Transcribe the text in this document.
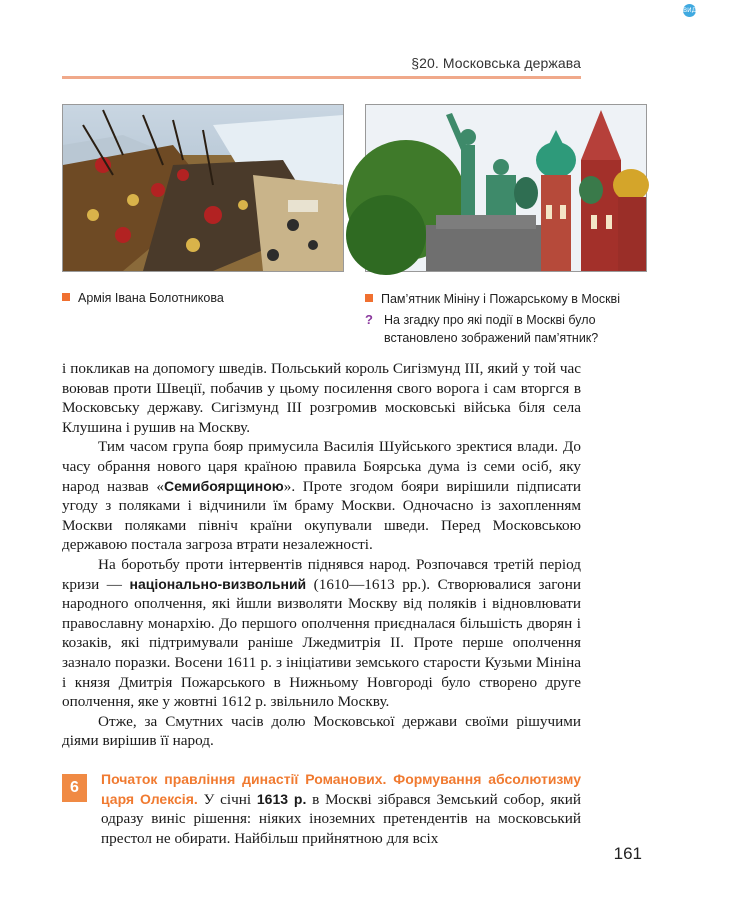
ВИДАВНИЦТВО
§20. Московська держава
Армія Івана Болотникова	Пам’ятник Мініну і Пожарському в Москві
? На згадку про які події в Москві було встановлено зображений пам’ятник?

і покликав на допомогу шведів. Польський король Сигізмунд III, який у той час воював проти Швеції, побачив у цьому посилення свого ворога і сам вторгся в Московську державу. Сигізмунд III розгромив московські війська біля села Клушина і рушив на Москву.

Тим часом група бояр примусила Василія Шуйського зректися влади. До часу обрання нового царя країною правила Боярська дума із семи осіб, яку народ назвав «Семибоярщиною». Проте згодом бояри вирішили підписати угоду з поляками і відчинили їм браму Москви. Одночасно із захопленням Москви поляками північ країни окупували шведи. Перед Московською державою постала загроза втрати незалежності.

На боротьбу проти інтервентів піднявся народ. Розпочався третій період кризи — національно-визвольний (1610—1613 рр.). Створювалися загони народного ополчення, які йшли визволяти Москву від поляків і відновлювати православну монархію. До першого ополчення приєдналася більшість дворян і козаків, які підтримували раніше Лжедмитрія II. Проте перше ополчення зазнало поразки. Восени 1611 р. з ініціативи земського старости Кузьми Мініна і князя Дмитрія Пожарського в Нижньому Новгороді було створено друге ополчення, яке у жовтні 1612 р. звільнило Москву.

Отже, за Смутних часів долю Московської держави своїми рішучими діями вирішив її народ.

6	Початок правління династії Романових. Формування абсолютизму царя Олексія. У січні 1613 р. в Москві зібрався Земський собор, який одразу виніс рішення: ніяких іноземних претендентів на московський престол не обирати. Найбільш прийнятною для всіх

161
